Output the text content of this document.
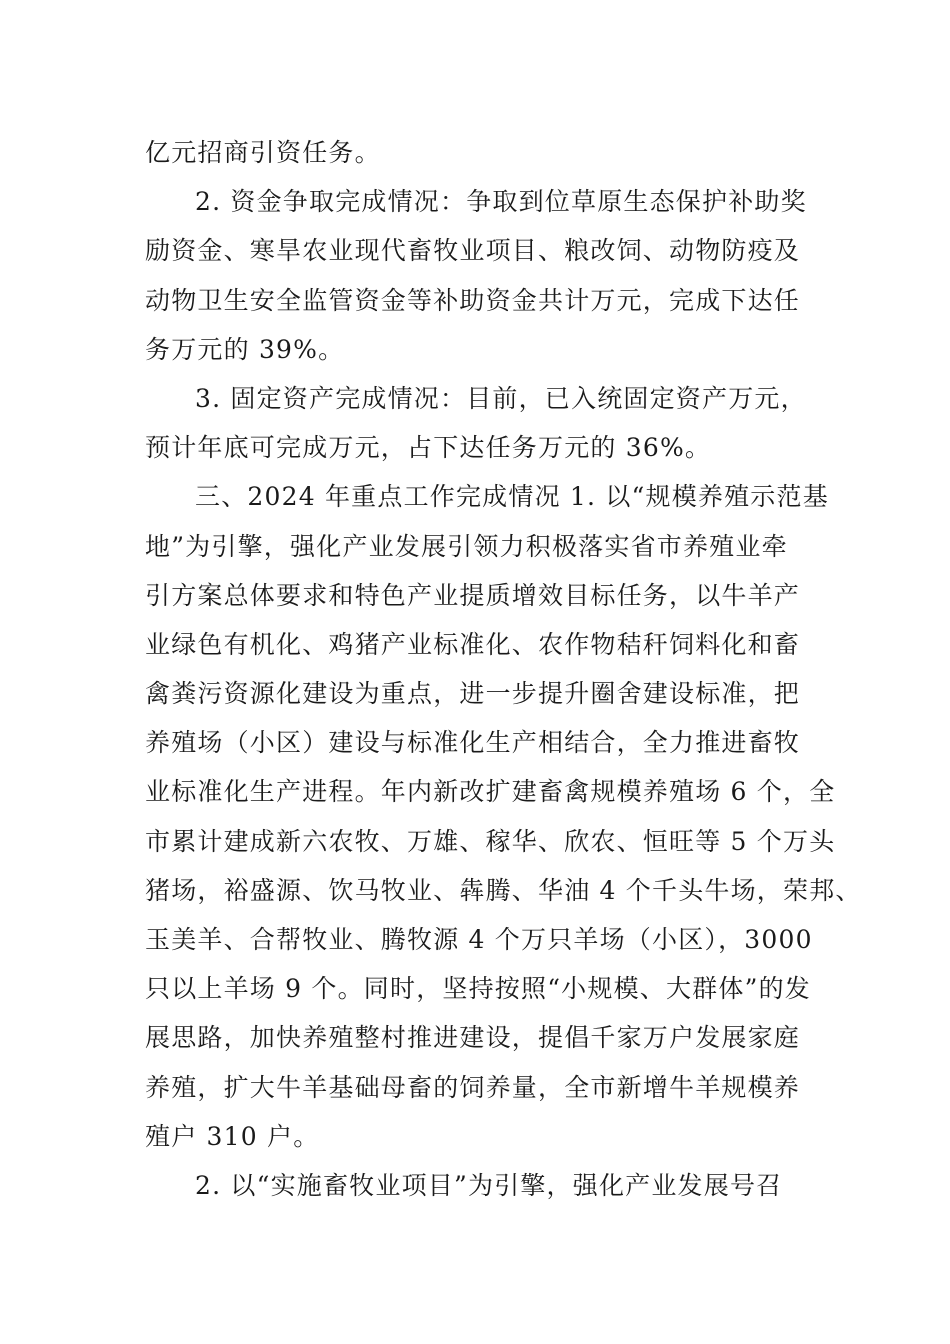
亿元招商引资任务。
2. 资金争取完成情况：争取到位草原生态保护补助奖
励资金、寒旱农业现代畜牧业项目、粮改饲、动物防疫及
动物卫生安全监管资金等补助资金共计万元，完成下达任
务万元的 39%。
3. 固定资产完成情况：目前，已入统固定资产万元，
预计年底可完成万元，占下达任务万元的 36%。
三、2024 年重点工作完成情况 1. 以“规模养殖示范基
地”为引擎，强化产业发展引领力积极落实省市养殖业牵
引方案总体要求和特色产业提质增效目标任务，以牛羊产
业绿色有机化、鸡猪产业标准化、农作物秸秆饲料化和畜
禽粪污资源化建设为重点，进一步提升圈舍建设标准，把
养殖场（小区）建设与标准化生产相结合，全力推进畜牧
业标准化生产进程。年内新改扩建畜禽规模养殖场 6 个，全
市累计建成新六农牧、万雄、稼华、欣农、恒旺等 5 个万头
猪场，裕盛源、饮马牧业、犇腾、华油 4 个千头牛场，荣邦、
玉美羊、合帮牧业、腾牧源 4 个万只羊场（小区），3000
只以上羊场 9 个。同时，坚持按照“小规模、大群体”的发
展思路，加快养殖整村推进建设，提倡千家万户发展家庭
养殖，扩大牛羊基础母畜的饲养量，全市新增牛羊规模养
殖户 310 户。
2. 以“实施畜牧业项目”为引擎，强化产业发展号召
